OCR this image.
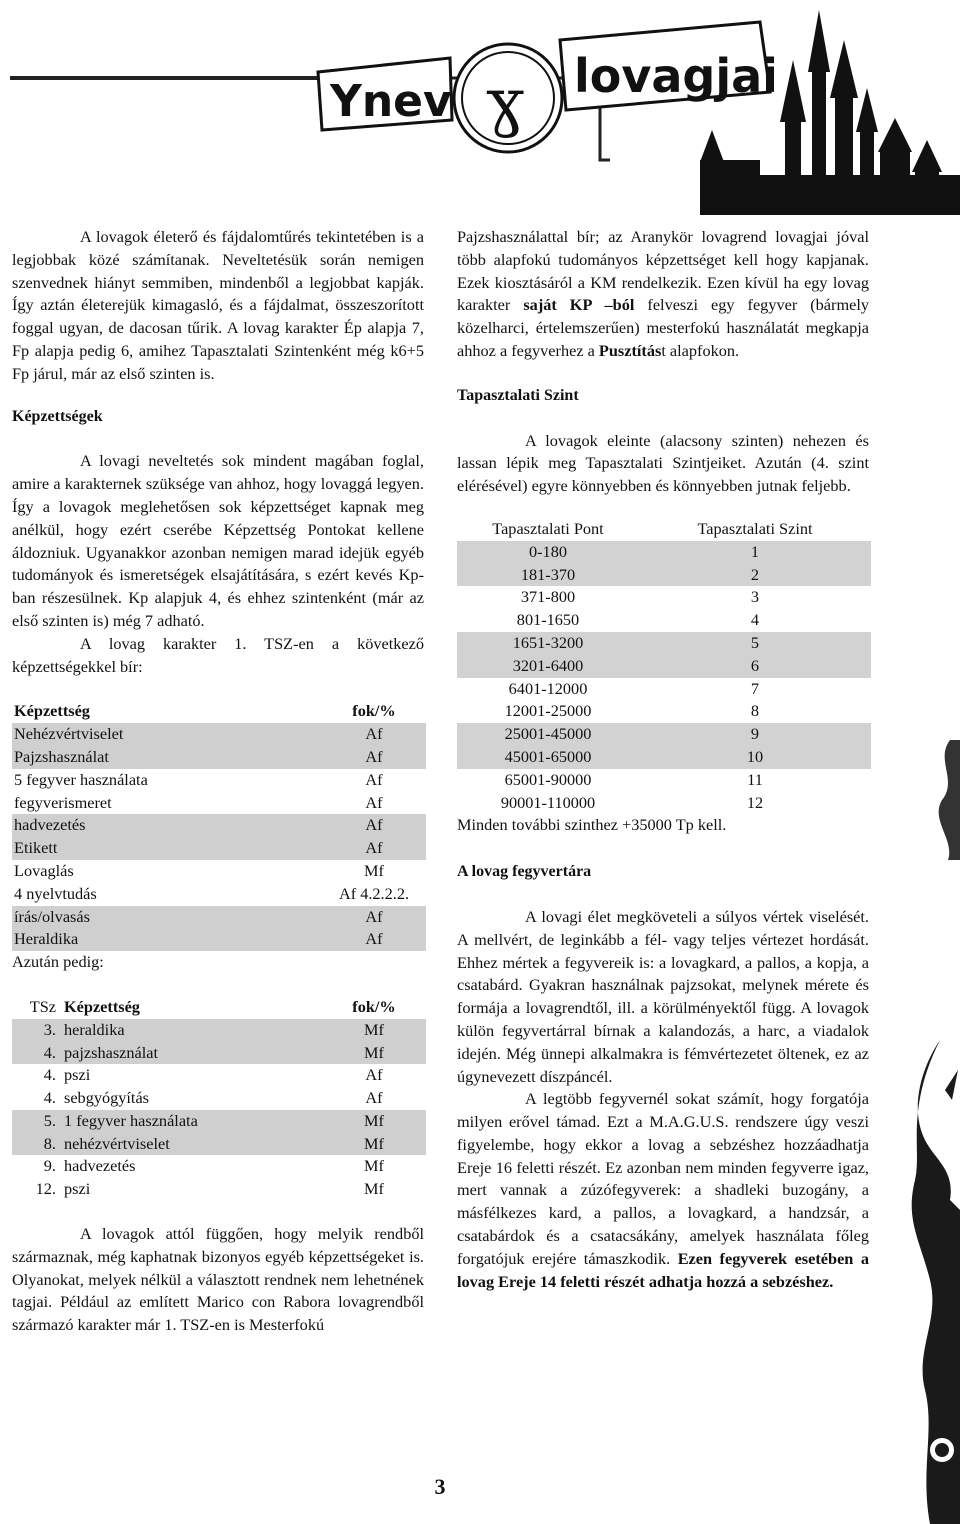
Ynev	lovagjai
ɣ

A lovagok életerő és fájdalomtűrés tekintetében is a legjobbak közé számítanak. Neveltetésük során nemigen szenvednek hiányt semmiben, mindenből a legjobbat kapják. Így aztán életerejük kimagasló, és a fájdalmat, összeszorított foggal ugyan, de dacosan tűrik. A lovag karakter Ép alapja 7, Fp alapja pedig 6, amihez Tapasztalati Szintenként még k6+5 Fp járul, már az első szinten is.

Képzettségek

A lovagi neveltetés sok mindent magában foglal, amire a karakternek szüksége van ahhoz, hogy lovaggá legyen. Így a lovagok meglehetősen sok képzettséget kapnak meg anélkül, hogy ezért cserébe Képzettség Pontokat kellene áldozniuk. Ugyanakkor azonban nemigen marad idejük egyéb tudományok és ismeretségek elsajátítására, s ezért kevés Kp-ban részesülnek. Kp alapjuk 4, és ehhez szintenként (már az első szinten is) még 7 adható.

A lovag karakter 1. TSZ-en a következő képzettségekkel bír:

Képzettség	fok/%
Nehézvértviselet	Af
Pajzshasználat	Af
5 fegyver használata	Af
fegyverismeret	Af
hadvezetés	Af
Etikett	Af
Lovaglás	Mf
4 nyelvtudás	Af 4.2.2.2.
írás/olvasás	Af
Heraldika	Af

Azután pedig:

TSz	Képzettség	fok/%
3.	heraldika	Mf
4.	pajzshasználat	Mf
4.	pszi	Af
4.	sebgyógyítás	Af
5.	1 fegyver használata	Mf
8.	nehézvértviselet	Mf
9.	hadvezetés	Mf
12.	pszi	Mf

A lovagok attól függően, hogy melyik rendből származnak, még kaphatnak bizonyos egyéb képzettségeket is. Olyanokat, melyek nélkül a választott rendnek nem lehetnének tagjai. Például az említett Marico con Rabora lovagrendből származó karakter már 1. TSZ-en is Mesterfokú

Pajzshasználattal bír; az Aranykör lovagrend lovagjai jóval több alapfokú tudományos képzettséget kell hogy kapjanak. Ezek kiosztásáról a KM rendelkezik. Ezen kívül ha egy lovag karakter saját KP –ból felveszi egy fegyver (bármely közelharci, értelemszerűen) mesterfokú használatát megkapja ahhoz a fegyverhez a Pusztítást alapfokon.

Tapasztalati Szint

A lovagok eleinte (alacsony szinten) nehezen és lassan lépik meg Tapasztalati Szintjeiket. Azután (4. szint elérésével) egyre könnyebben és könnyebben jutnak feljebb.

Tapasztalati Pont	Tapasztalati Szint
0-180	1
181-370	2
371-800	3
801-1650	4
1651-3200	5
3201-6400	6
6401-12000	7
12001-25000	8
25001-45000	9
45001-65000	10
65001-90000	11
90001-110000	12

Minden további szinthez +35000 Tp kell.

A lovag fegyvertára

A lovagi élet megköveteli a súlyos vértek viselését. A mellvért, de leginkább a fél- vagy teljes vértezet hordását. Ehhez mértek a fegyvereik is: a lovagkard, a pallos, a kopja, a csatabárd. Gyakran használnak pajzsokat, melynek mérete és formája a lovagrendtől, ill. a körülményektől függ. A lovagok külön fegyvertárral bírnak a kalandozás, a harc, a viadalok idején. Még ünnepi alkalmakra is fémvértezetet öltenek, ez az úgynevezett díszpáncél.

A legtöbb fegyvernél sokat számít, hogy forgatója milyen erővel támad. Ezt a M.A.G.U.S. rendszere úgy veszi figyelembe, hogy ekkor a lovag a sebzéshez hozzáadhatja Ereje 16 feletti részét. Ez azonban nem minden fegyverre igaz, mert vannak a zúzófegyverek: a shadleki buzogány, a másfélkezes kard, a pallos, a lovagkard, a handzsár, a csatabárdok és a csatacsákány, amelyek használata főleg forgatójuk erejére támaszkodik. Ezen fegyverek esetében a lovag Ereje 14 feletti részét adhatja hozzá a sebzéshez.

3
